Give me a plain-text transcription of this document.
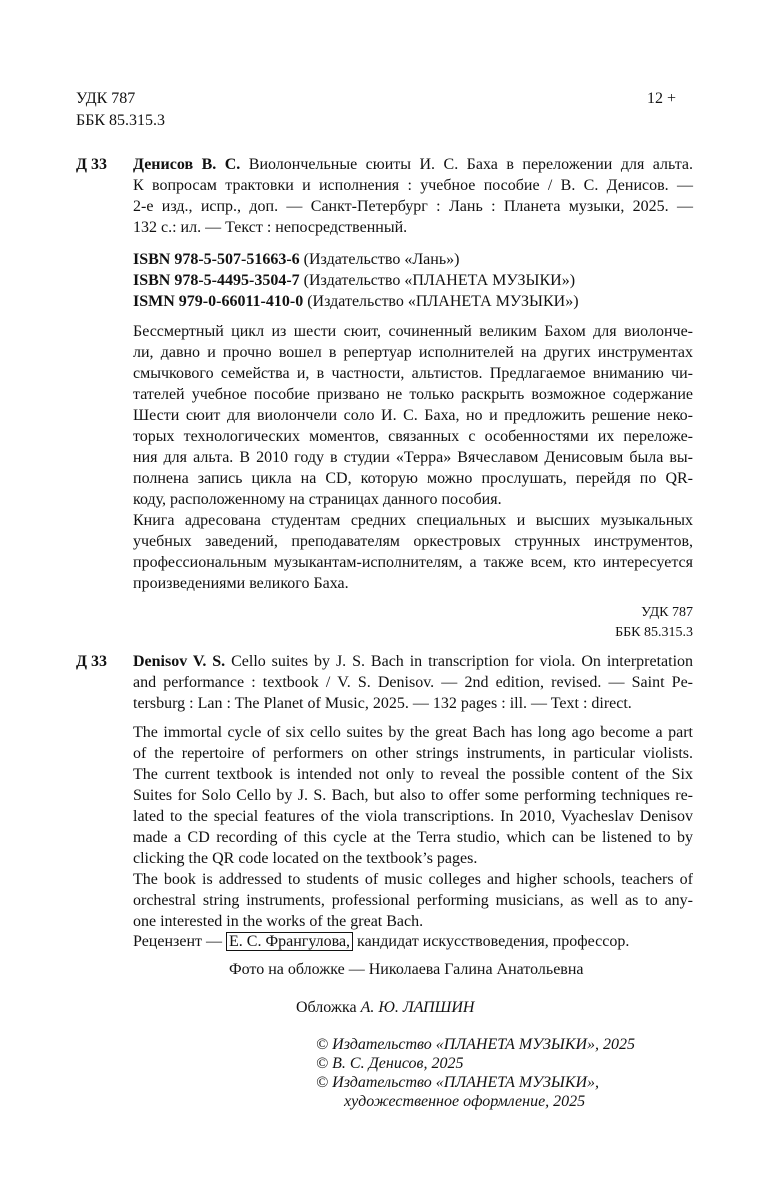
УДК 787
ББК 85.315.3
12 +
Д 33 Денисов В. С. Виолончельные сюиты И. С. Баха в переложении для альта.
К вопросам трактовки и исполнения : учебное пособие / В. С. Денисов. —
2-е изд., испр., доп. — Санкт-Петербург : Лань : Планета музыки, 2025. —
132 с.: ил. — Текст : непосредственный.
ISBN 978-5-507-51663-6 (Издательство «Лань»)
ISBN 978-5-4495-3504-7 (Издательство «ПЛАНЕТА МУЗЫКИ»)
ISMN 979-0-66011-410-0 (Издательство «ПЛАНЕТА МУЗЫКИ»)
Бессмертный цикл из шести сюит, сочиненный великим Бахом для виолонче-
ли, давно и прочно вошел в репертуар исполнителей на других инструментах
смычкового семейства и, в частности, альтистов. Предлагаемое вниманию чи-
тателей учебное пособие призвано не только раскрыть возможное содержание
Шести сюит для виолончели соло И. С. Баха, но и предложить решение неко-
торых технологических моментов, связанных с особенностями их переложе-
ния для альта. В 2010 году в студии «Терра» Вячеславом Денисовым была вы-
полнена запись цикла на CD, которую можно прослушать, перейдя по QR-
коду, расположенному на страницах данного пособия.
Книга адресована студентам средних специальных и высших музыкальных
учебных заведений, преподавателям оркестровых струнных инструментов,
профессиональным музыкантам-исполнителям, а также всем, кто интересуется
произведениями великого Баха.
УДК 787
ББК 85.315.3
Д 33 Denisov V. S. Cello suites by J. S. Bach in transcription for viola. On interpretation
and performance : textbook / V. S. Denisov. — 2nd edition, revised. — Saint Pe-
tersburg : Lan : The Planet of Music, 2025. — 132 pages : ill. — Text : direct.
The immortal cycle of six cello suites by the great Bach has long ago become a part
of the repertoire of performers on other strings instruments, in particular violists.
The current textbook is intended not only to reveal the possible content of the Six
Suites for Solo Cello by J. S. Bach, but also to offer some performing techniques re-
lated to the special features of the viola transcriptions. In 2010, Vyacheslav Denisov
made a CD recording of this cycle at the Terra studio, which can be listened to by
clicking the QR code located on the textbook’s pages.
The book is addressed to students of music colleges and higher schools, teachers of
orchestral string instruments, professional performing musicians, as well as to any-
one interested in the works of the great Bach.
Рецензент — Е. С. Франгулова, кандидат искусствоведения, профессор.
Фото на обложке — Николаева Галина Анатольевна
Обложка А. Ю. ЛАПШИН
© Издательство «ПЛАНЕТА МУЗЫКИ», 2025
© В. С. Денисов, 2025
© Издательство «ПЛАНЕТА МУЗЫКИ»,
художественное оформление, 2025
